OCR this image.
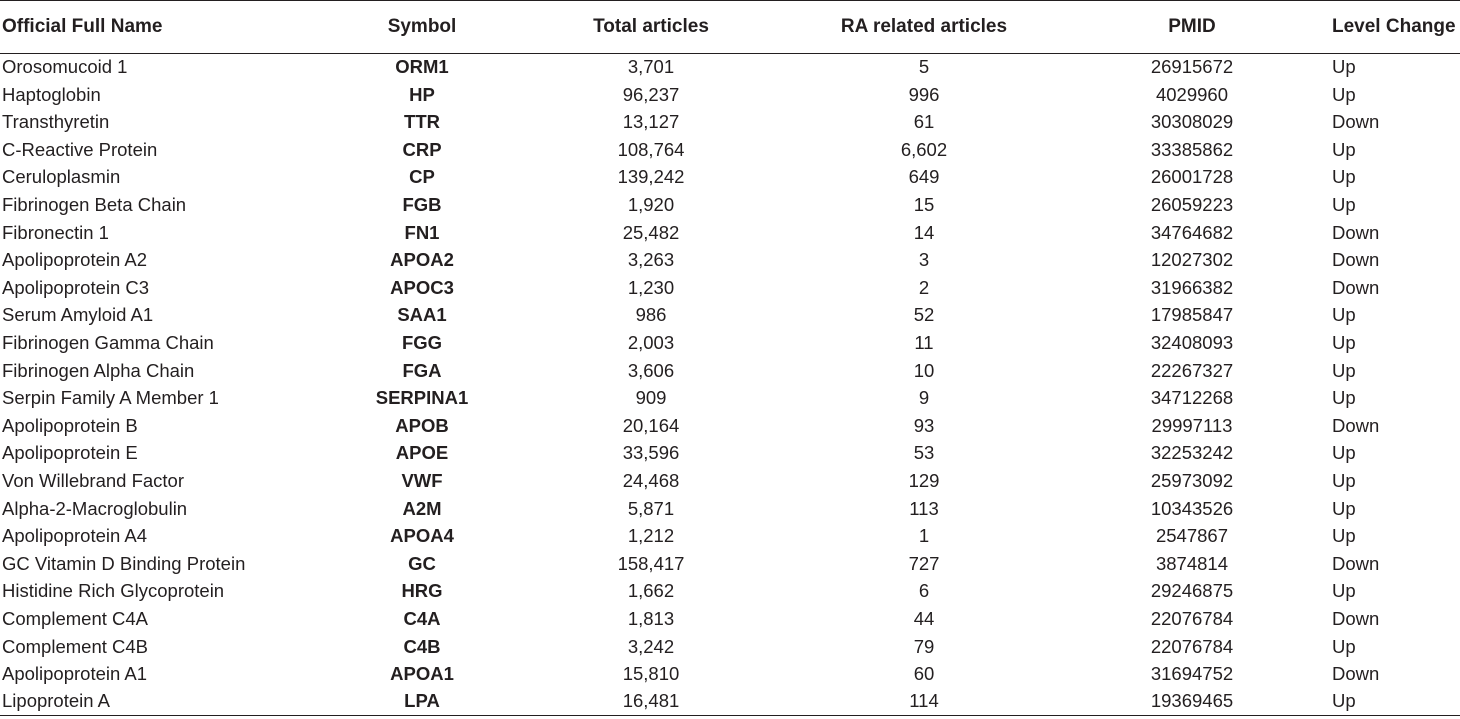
Official Full Name	Symbol	Total articles	RA related articles	PMID	Level Change
Orosomucoid 1	ORM1	3,701	5	26915672	Up
Haptoglobin	HP	96,237	996	4029960	Up
Transthyretin	TTR	13,127	61	30308029	Down
C-Reactive Protein	CRP	108,764	6,602	33385862	Up
Ceruloplasmin	CP	139,242	649	26001728	Up
Fibrinogen Beta Chain	FGB	1,920	15	26059223	Up
Fibronectin 1	FN1	25,482	14	34764682	Down
Apolipoprotein A2	APOA2	3,263	3	12027302	Down
Apolipoprotein C3	APOC3	1,230	2	31966382	Down
Serum Amyloid A1	SAA1	986	52	17985847	Up
Fibrinogen Gamma Chain	FGG	2,003	11	32408093	Up
Fibrinogen Alpha Chain	FGA	3,606	10	22267327	Up
Serpin Family A Member 1	SERPINA1	909	9	34712268	Up
Apolipoprotein B	APOB	20,164	93	29997113	Down
Apolipoprotein E	APOE	33,596	53	32253242	Up
Von Willebrand Factor	VWF	24,468	129	25973092	Up
Alpha-2-Macroglobulin	A2M	5,871	113	10343526	Up
Apolipoprotein A4	APOA4	1,212	1	2547867	Up
GC Vitamin D Binding Protein	GC	158,417	727	3874814	Down
Histidine Rich Glycoprotein	HRG	1,662	6	29246875	Up
Complement C4A	C4A	1,813	44	22076784	Down
Complement C4B	C4B	3,242	79	22076784	Up
Apolipoprotein A1	APOA1	15,810	60	31694752	Down
Lipoprotein A	LPA	16,481	114	19369465	Up
